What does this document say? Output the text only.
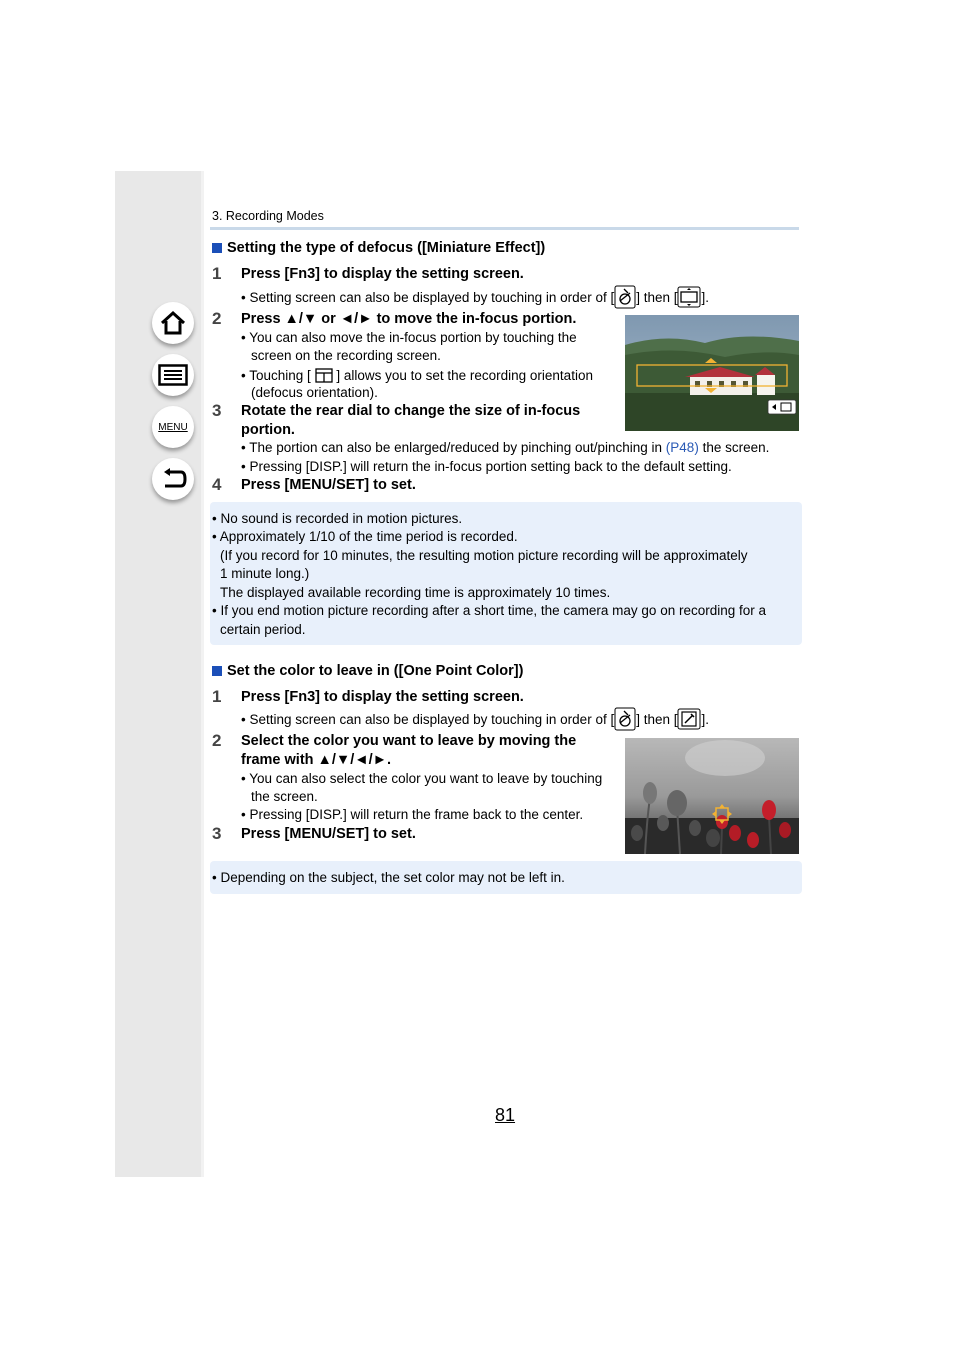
MENU
3. Recording Modes
Setting the type of defocus ([Miniature Effect])
1 Press [Fn3] to display the setting screen.
• Setting screen can also be displayed by touching in order of [ ] then [ ].
2 Press ▲/▼ or ◄/► to move the in-focus portion.
• You can also move the in-focus portion by touching the
screen on the recording screen.
• Touching [ ] allows you to set the recording orientation
(defocus orientation).
3 Rotate the rear dial to change the size of in-focus
portion.
• The portion can also be enlarged/reduced by pinching out/pinching in (P48) the screen.
• Pressing [DISP.] will return the in-focus portion setting back to the default setting.
4 Press [MENU/SET] to set.
• No sound is recorded in motion pictures.
• Approximately 1/10 of the time period is recorded.
(If you record for 10 minutes, the resulting motion picture recording will be approximately
1 minute long.)
The displayed available recording time is approximately 10 times.
• If you end motion picture recording after a short time, the camera may go on recording for a
certain period.
Set the color to leave in ([One Point Color])
1 Press [Fn3] to display the setting screen.
• Setting screen can also be displayed by touching in order of [ ] then [ ].
2 Select the color you want to leave by moving the
frame with ▲/▼/◄/►.
• You can also select the color you want to leave by touching
the screen.
• Pressing [DISP.] will return the frame back to the center.
3 Press [MENU/SET] to set.
• Depending on the subject, the set color may not be left in.
81
